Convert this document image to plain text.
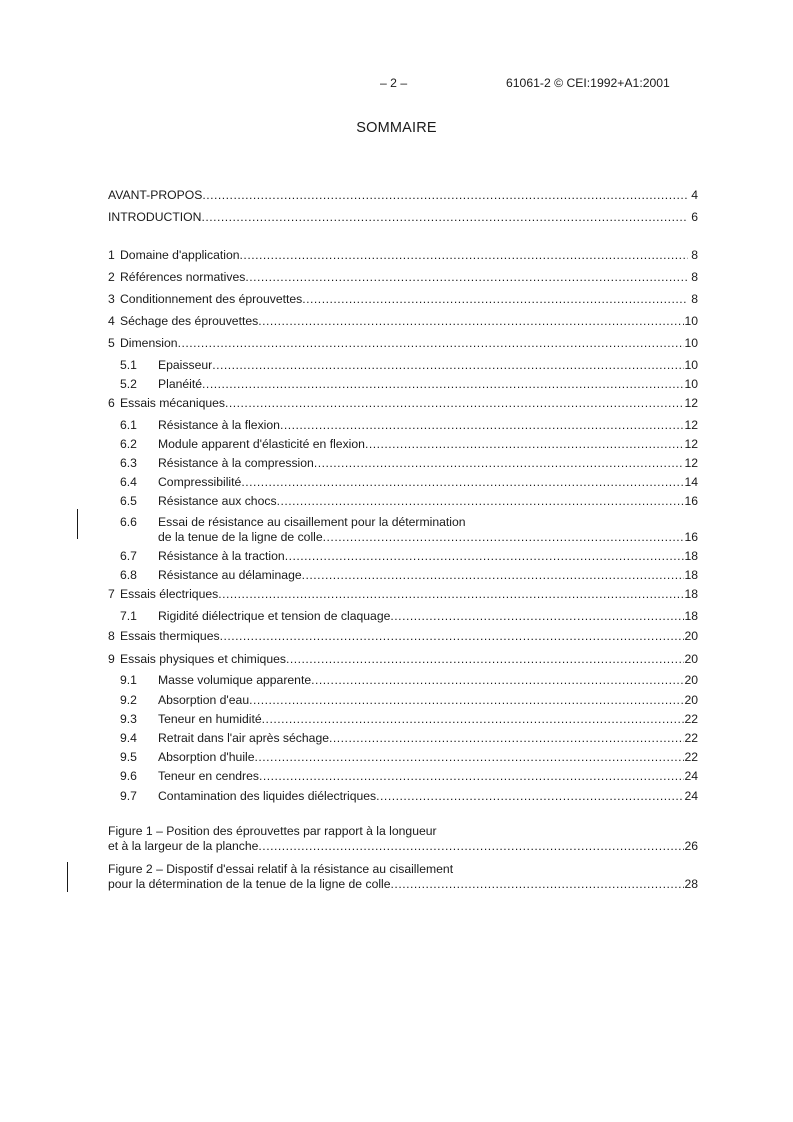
– 2 –	61061-2 © CEI:1992+A1:2001
SOMMAIRE
AVANT-PROPOS .....	4
INTRODUCTION .....	6
1 Domaine d'application .....	8
2 Références normatives .....	8
3 Conditionnement des éprouvettes .....	8
4 Séchage des éprouvettes .....	10
5 Dimension .....	10
5.1	Epaisseur .....	10
5.2	Planéité .....	10
6 Essais mécaniques .....	12
6.1	Résistance à la flexion .....	12
6.2	Module apparent d'élasticité en flexion .....	12
6.3	Résistance à la compression .....	12
6.4	Compressibilité .....	14
6.5	Résistance aux chocs .....	16
6.6	Essai de résistance au cisaillement pour la détermination
de la tenue de la ligne de colle .....	16
6.7	Résistance à la traction .....	18
6.8	Résistance au délaminage .....	18
7 Essais électriques .....	18
7.1	Rigidité diélectrique et tension de claquage .....	18
8 Essais thermiques .....	20
9 Essais physiques et chimiques .....	20
9.1	Masse volumique apparente .....	20
9.2	Absorption d'eau .....	20
9.3	Teneur en humidité .....	22
9.4	Retrait dans l'air après séchage .....	22
9.5	Absorption d'huile .....	22
9.6	Teneur en cendres .....	24
9.7	Contamination des liquides diélectriques .....	24
Figure 1 – Position des éprouvettes par rapport à la longueur
et à la largeur de la planche .....	26
Figure 2 – Dispostif d'essai relatif à la résistance au cisaillement
pour la détermination de la tenue de la ligne de colle .....	28
